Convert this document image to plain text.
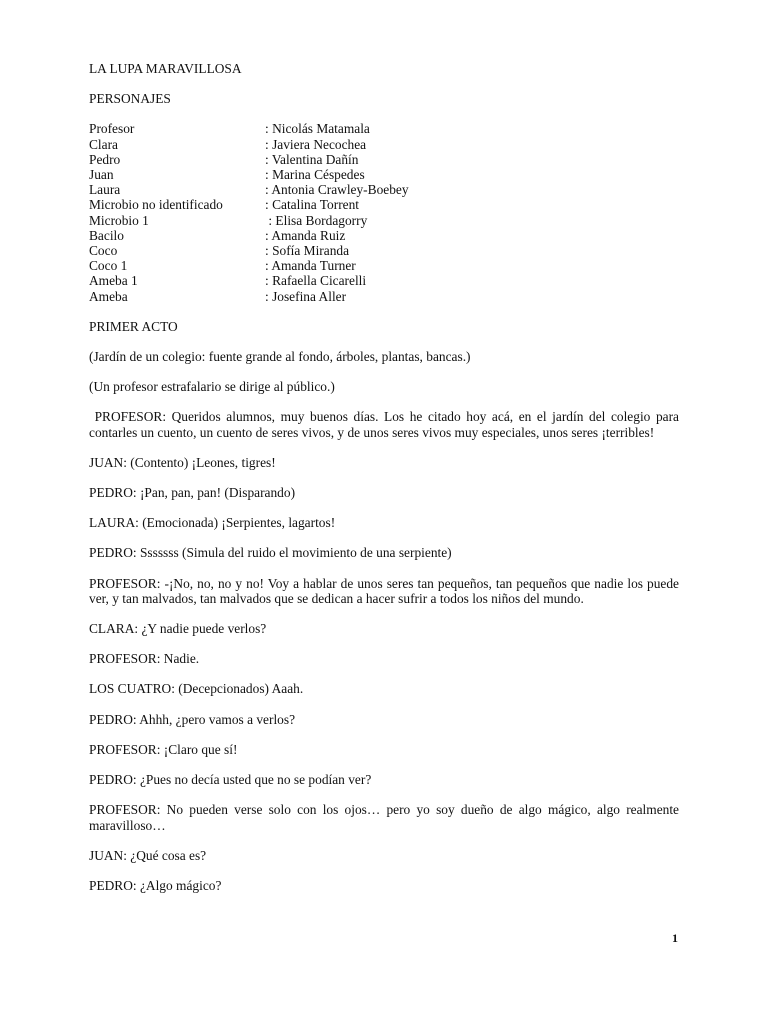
LA LUPA MARAVILLOSA

PERSONAJES

Profesor	: Nicolás Matamala
Clara	: Javiera Necochea
Pedro	: Valentina Dañín
Juan	: Marina Céspedes
Laura	: Antonia Crawley-Boebey
Microbio no identificado	: Catalina Torrent
Microbio 1	: Elisa Bordagorry
Bacilo	: Amanda Ruiz
Coco	: Sofía Miranda
Coco 1	: Amanda Turner
Ameba 1	: Rafaella Cicarelli
Ameba	: Josefina Aller

PRIMER ACTO

(Jardín de un colegio: fuente grande al fondo, árboles, plantas, bancas.)

(Un profesor estrafalario se dirige al público.)

PROFESOR: Queridos alumnos, muy buenos días. Los he citado hoy acá, en el jardín del colegio para contarles un cuento, un cuento de seres vivos, y de unos seres vivos muy especiales, unos seres ¡terribles!

JUAN: (Contento) ¡Leones, tigres!

PEDRO: ¡Pan, pan, pan! (Disparando)

LAURA: (Emocionada) ¡Serpientes, lagartos!

PEDRO: Sssssss (Simula del ruido el movimiento de una serpiente)

PROFESOR: -¡No, no, no y no! Voy a hablar de unos seres tan pequeños, tan pequeños que nadie los puede ver, y tan malvados, tan malvados que se dedican a hacer sufrir a todos los niños del mundo.

CLARA: ¿Y nadie puede verlos?

PROFESOR: Nadie.

LOS CUATRO: (Decepcionados) Aaah.

PEDRO: Ahhh, ¿pero vamos a verlos?

PROFESOR: ¡Claro que sí!

PEDRO: ¿Pues no decía usted que no se podían ver?

PROFESOR: No pueden verse solo con los ojos… pero yo soy dueño de algo mágico, algo realmente maravilloso…

JUAN: ¿Qué cosa es?

PEDRO: ¿Algo mágico?

1
